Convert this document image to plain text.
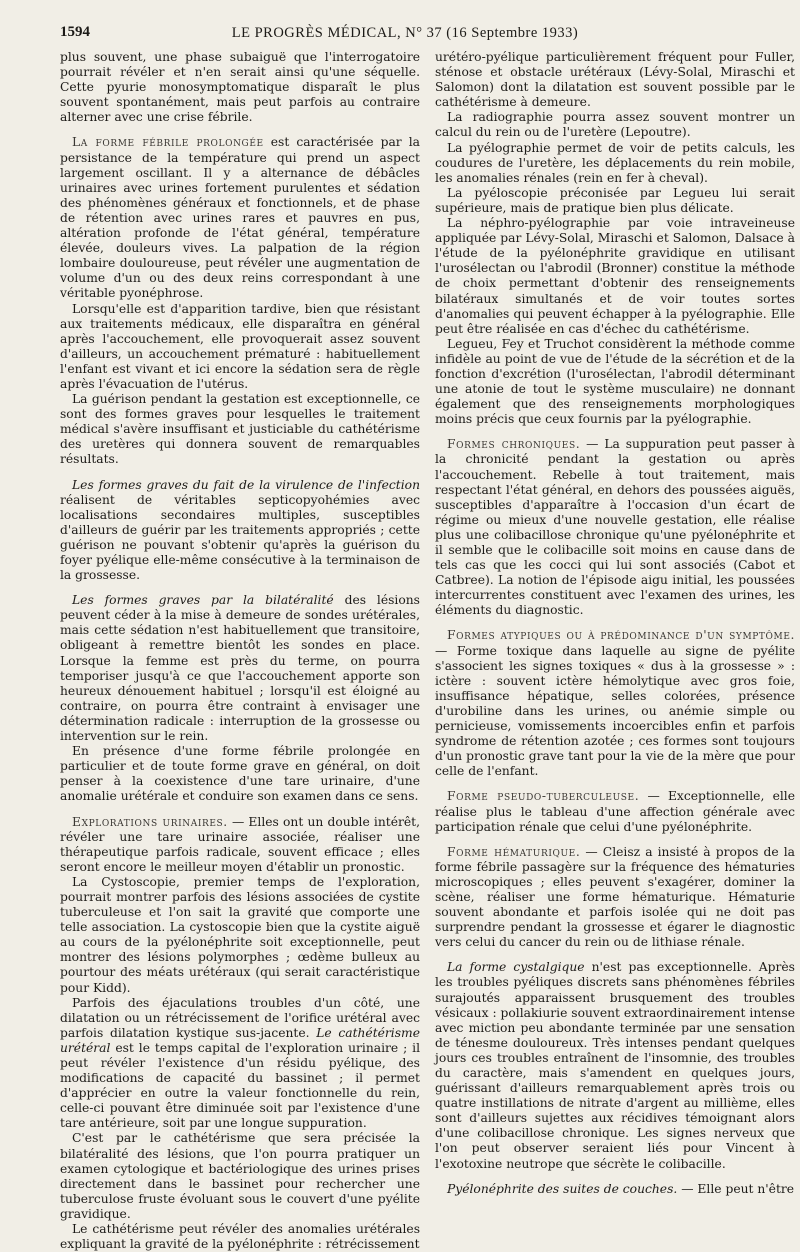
1594	LE PROGRÈS MÉDICAL, N° 37 (16 Septembre 1933)

plus souvent, une phase subaiguë que l'interrogatoire pourrait révéler et n'en serait ainsi qu'une séquelle. Cette pyurie monosymptomatique disparaît le plus souvent spontanément, mais peut parfois au contraire alterner avec une crise fébrile.

La forme fébrile prolongée est caractérisée par la persistance de la température qui prend un aspect largement oscillant. Il y a alternance de débâcles urinaires avec urines fortement purulentes et sédation des phénomènes généraux et fonctionnels, et de phase de rétention avec urines rares et pauvres en pus, altération profonde de l'état général, température élevée, douleurs vives. La palpation de la région lombaire douloureuse, peut révéler une augmentation de volume d'un ou des deux reins correspondant à une véritable pyonéphrose.

Lorsqu'elle est d'apparition tardive, bien que résistant aux traitements médicaux, elle disparaîtra en général après l'accouchement, elle provoquerait assez souvent d'ailleurs, un accouchement prématuré : habituellement l'enfant est vivant et ici encore la sédation sera de règle après l'évacuation de l'utérus.

La guérison pendant la gestation est exceptionnelle, ce sont des formes graves pour lesquelles le traitement médical s'avère insuffisant et justiciable du cathétérisme des uretères qui donnera souvent de remarquables résultats.

Les formes graves du fait de la virulence de l'infection réalisent de véritables septicopyohémies avec localisations secondaires multiples, susceptibles d'ailleurs de guérir par les traitements appropriés ; cette guérison ne pouvant s'obtenir qu'après la guérison du foyer pyélique elle-même consécutive à la terminaison de la grossesse.

Les formes graves par la bilatéralité des lésions peuvent céder à la mise à demeure de sondes urétérales, mais cette sédation n'est habituellement que transitoire, obligeant à remettre bientôt les sondes en place. Lorsque la femme est près du terme, on pourra temporiser jusqu'à ce que l'accouchement apporte son heureux dénouement habituel ; lorsqu'il est éloigné au contraire, on pourra être contraint à envisager une détermination radicale : interruption de la grossesse ou intervention sur le rein.

En présence d'une forme fébrile prolongée en particulier et de toute forme grave en général, on doit penser à la coexistence d'une tare urinaire, d'une anomalie urétérale et conduire son examen dans ce sens.

Explorations urinaires. — Elles ont un double intérêt, révéler une tare urinaire associée, réaliser une thérapeutique parfois radicale, souvent efficace ; elles seront encore le meilleur moyen d'établir un pronostic.

La Cystoscopie, premier temps de l'exploration, pourrait montrer parfois des lésions associées de cystite tuberculeuse et l'on sait la gravité que comporte une telle association. La cystoscopie bien que la cystite aiguë au cours de la pyélonéphrite soit exceptionnelle, peut montrer des lésions polymorphes ; œdème bulleux au pourtour des méats urétéraux (qui serait caractéristique pour Kidd).

Parfois des éjaculations troubles d'un côté, une dilatation ou un rétrécissement de l'orifice urétéral avec parfois dilatation kystique sus-jacente. Le cathétérisme urétéral est le temps capital de l'exploration urinaire ; il peut révéler l'existence d'un résidu pyélique, des modifications de capacité du bassinet ; il permet d'apprécier en outre la valeur fonctionnelle du rein, celle-ci pouvant être diminuée soit par l'existence d'une tare antérieure, soit par une longue suppuration.

C'est par le cathétérisme que sera précisée la bilatéralité des lésions, que l'on pourra pratiquer un examen cytologique et bactériologique des urines prises directement dans le bassinet pour rechercher une tuberculose fruste évoluant sous le couvert d'une pyélite gravidique.

Le cathétérisme peut révéler des anomalies urétérales expliquant la gravité de la pyélonéphrite : rétrécissement

urétéro-pyélique particulièrement fréquent pour Fuller, sténose et obstacle urétéraux (Lévy-Solal, Miraschi et Salomon) dont la dilatation est souvent possible par le cathétérisme à demeure.

La radiographie pourra assez souvent montrer un calcul du rein ou de l'uretère (Lepoutre).

La pyélographie permet de voir de petits calculs, les coudures de l'uretère, les déplacements du rein mobile, les anomalies rénales (rein en fer à cheval).

La pyéloscopie préconisée par Legueu lui serait supérieure, mais de pratique bien plus délicate.

La néphro-pyélographie par voie intraveineuse appliquée par Lévy-Solal, Miraschi et Salomon, Dalsace à l'étude de la pyélonéphrite gravidique en utilisant l'urosélectan ou l'abrodil (Bronner) constitue la méthode de choix permettant d'obtenir des renseignements bilatéraux simultanés et de voir toutes sortes d'anomalies qui peuvent échapper à la pyélographie. Elle peut être réalisée en cas d'échec du cathétérisme.

Legueu, Fey et Truchot considèrent la méthode comme infidèle au point de vue de l'étude de la sécrétion et de la fonction d'excrétion (l'urosélectan, l'abrodil déterminant une atonie de tout le système musculaire) ne donnant également que des renseignements morphologiques moins précis que ceux fournis par la pyélographie.

Formes chroniques. — La suppuration peut passer à la chronicité pendant la gestation ou après l'accouchement. Rebelle à tout traitement, mais respectant l'état général, en dehors des poussées aiguës, susceptibles d'apparaître à l'occasion d'un écart de régime ou mieux d'une nouvelle gestation, elle réalise plus une colibacillose chronique qu'une pyélonéphrite et il semble que le colibacille soit moins en cause dans de tels cas que les cocci qui lui sont associés (Cabot et Catbree). La notion de l'épisode aigu initial, les poussées intercurrentes constituent avec l'examen des urines, les éléments du diagnostic.

Formes atypiques ou à prédominance d'un symptôme. — Forme toxique dans laquelle au signe de pyélite s'associent les signes toxiques « dus à la grossesse » : ictère : souvent ictère hémolytique avec gros foie, insuffisance hépatique, selles colorées, présence d'urobiline dans les urines, ou anémie simple ou pernicieuse, vomissements incoercibles enfin et parfois syndrome de rétention azotée ; ces formes sont toujours d'un pronostic grave tant pour la vie de la mère que pour celle de l'enfant.

Forme pseudo-tuberculeuse. — Exceptionnelle, elle réalise plus le tableau d'une affection générale avec participation rénale que celui d'une pyélonéphrite.

Forme hématurique. — Cleisz a insisté à propos de la forme fébrile passagère sur la fréquence des hématuries microscopiques ; elles peuvent s'exagérer, dominer la scène, réaliser une forme hématurique. Hématurie souvent abondante et parfois isolée qui ne doit pas surprendre pendant la grossesse et égarer le diagnostic vers celui du cancer du rein ou de lithiase rénale.

La forme cystalgique n'est pas exceptionnelle. Après les troubles pyéliques discrets sans phénomènes fébriles surajoutés apparaissent brusquement des troubles vésicaux : pollakiurie souvent extraordinairement intense avec miction peu abondante terminée par une sensation de ténesme douloureux. Très intenses pendant quelques jours ces troubles entraînent de l'insomnie, des troubles du caractère, mais s'amendent en quelques jours, guérissant d'ailleurs remarquablement après trois ou quatre instillations de nitrate d'argent au millième, elles sont d'ailleurs sujettes aux récidives témoignant alors d'une colibacillose chronique. Les signes nerveux que l'on peut observer seraient liés pour Vincent à l'exotoxine neutrope que sécrète le colibacille.

Pyélonéphrite des suites de couches. — Elle peut n'être
